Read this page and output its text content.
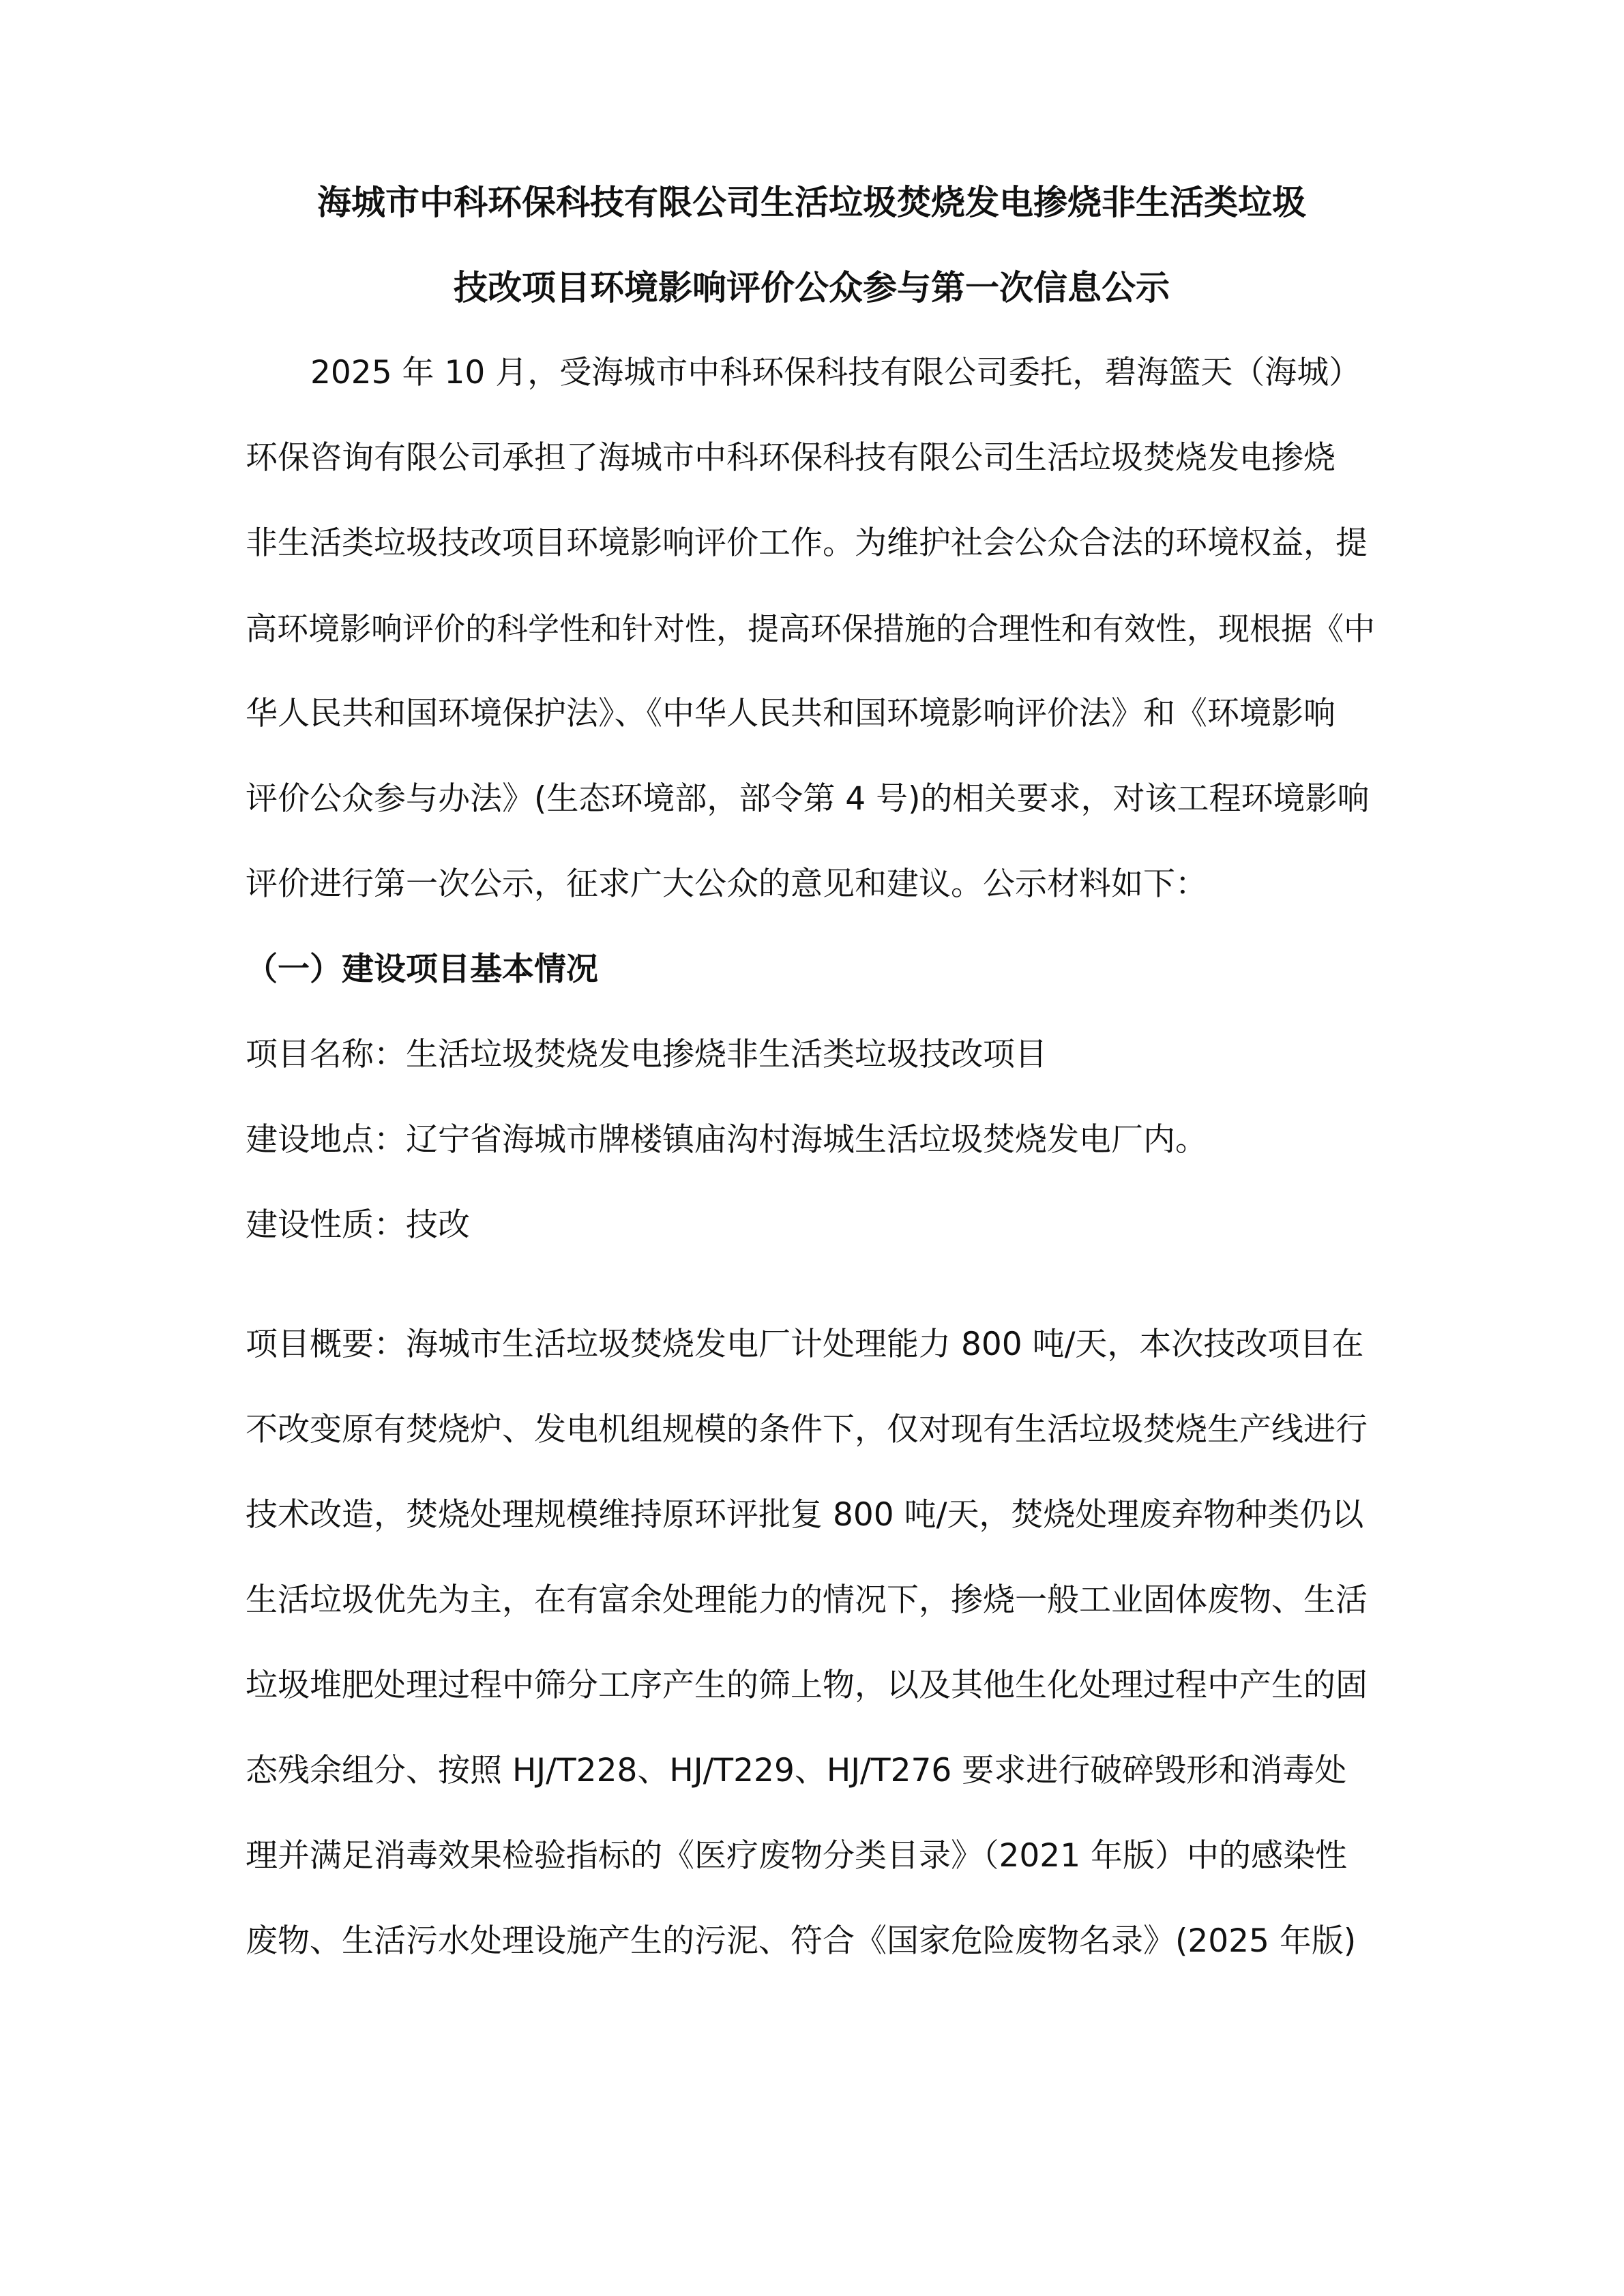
海城市中科环保科技有限公司生活垃圾焚烧发电掺烧非生活类垃圾
技改项目环境影响评价公众参与第一次信息公示
2025 年 10 月，受海城市中科环保科技有限公司委托，碧海篮天（海城）
环保咨询有限公司承担了海城市中科环保科技有限公司生活垃圾焚烧发电掺烧
非生活类垃圾技改项目环境影响评价工作。为维护社会公众合法的环境权益，提
高环境影响评价的科学性和针对性，提高环保措施的合理性和有效性，现根据《中
华人民共和国环境保护法》、《中华人民共和国环境影响评价法》和《环境影响
评价公众参与办法》(生态环境部，部令第 4 号)的相关要求，对该工程环境影响
评价进行第一次公示，征求广大公众的意见和建议。公示材料如下：
（一）建设项目基本情况
项目名称：生活垃圾焚烧发电掺烧非生活类垃圾技改项目
建设地点：辽宁省海城市牌楼镇庙沟村海城生活垃圾焚烧发电厂内。
建设性质：技改
项目概要：海城市生活垃圾焚烧发电厂计处理能力 800 吨/天，本次技改项目在
不改变原有焚烧炉、发电机组规模的条件下，仅对现有生活垃圾焚烧生产线进行
技术改造，焚烧处理规模维持原环评批复 800 吨/天，焚烧处理废弃物种类仍以
生活垃圾优先为主，在有富余处理能力的情况下，掺烧一般工业固体废物、生活
垃圾堆肥处理过程中筛分工序产生的筛上物，以及其他生化处理过程中产生的固
态残余组分、按照 HJ/T228、HJ/T229、HJ/T276 要求进行破碎毁形和消毒处
理并满足消毒效果检验指标的《医疗废物分类目录》（2021 年版）中的感染性
废物、生活污水处理设施产生的污泥、符合《国家危险废物名录》(2025 年版)
